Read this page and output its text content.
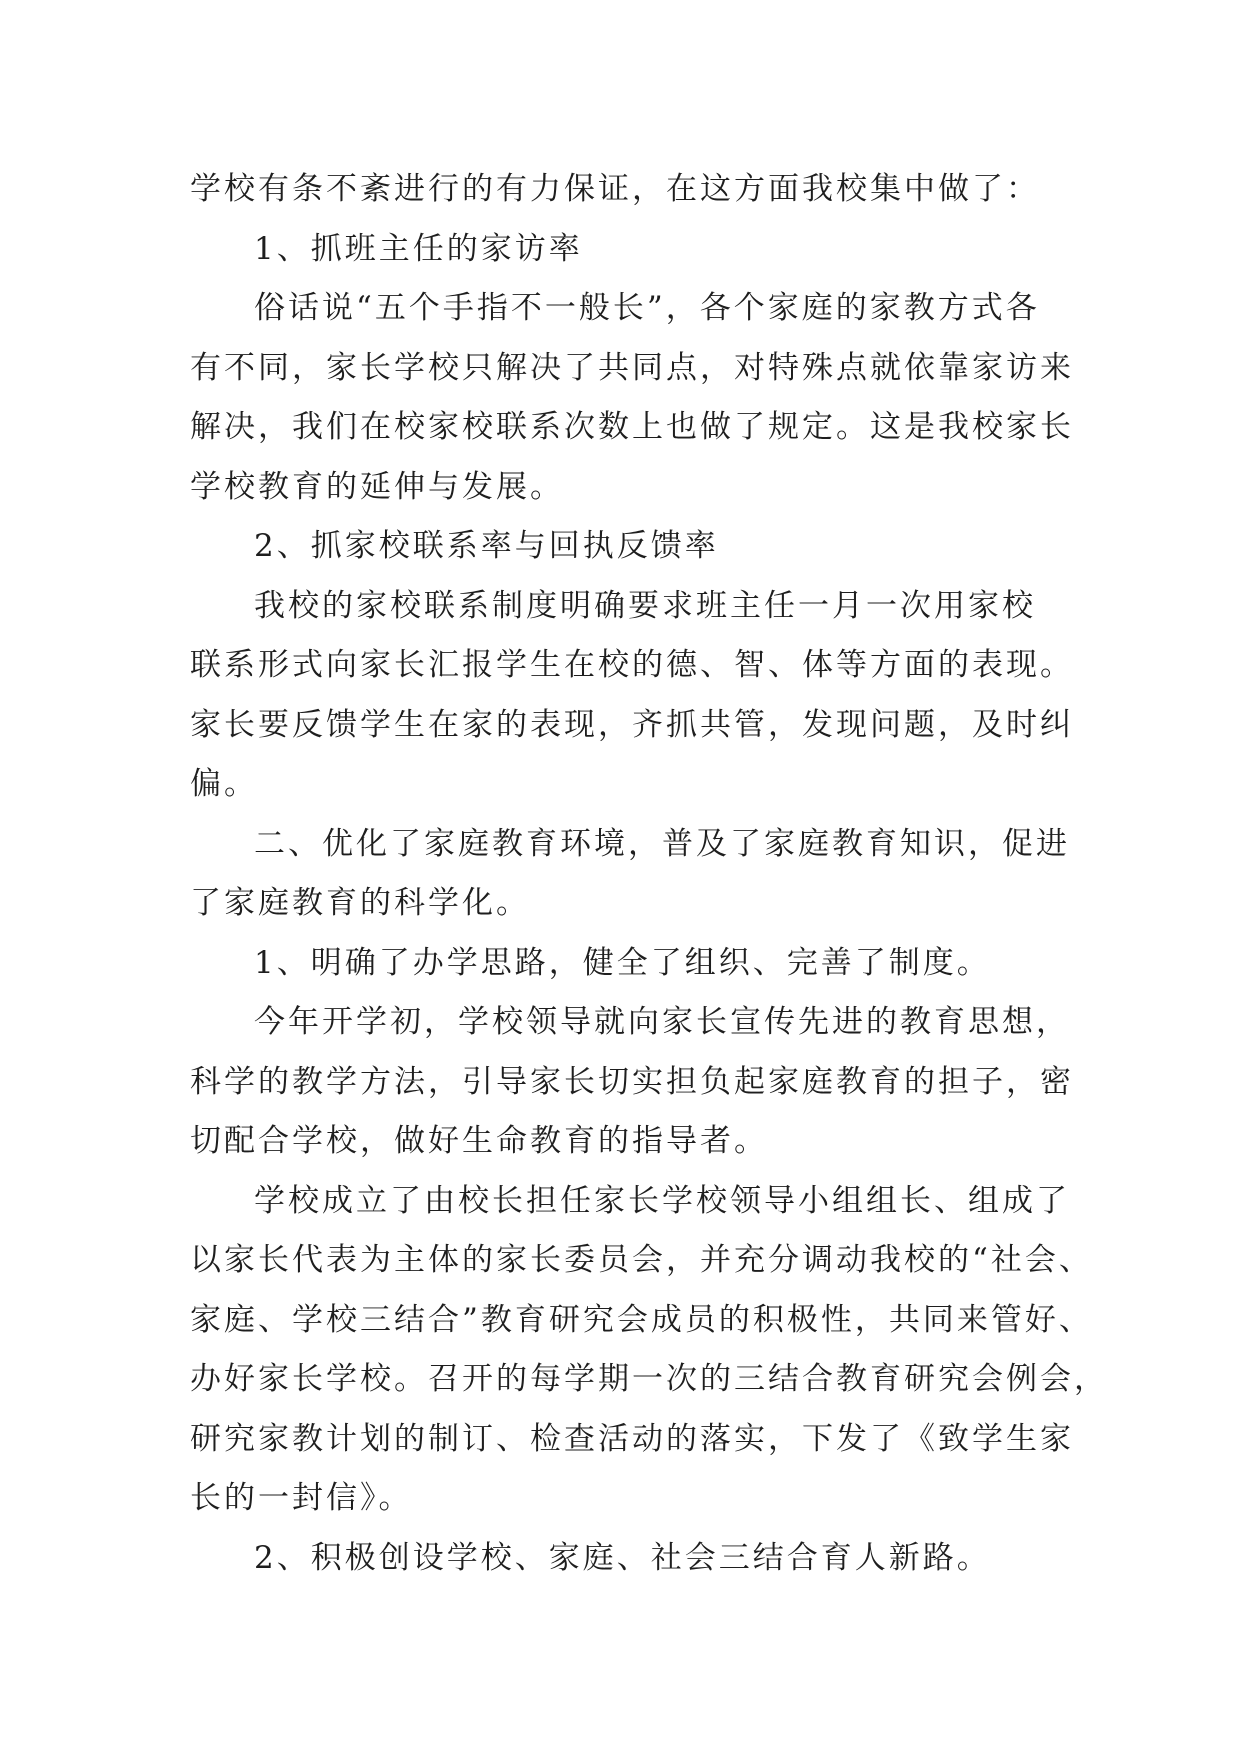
学校有条不紊进行的有力保证，在这方面我校集中做了：
1、抓班主任的家访率
俗话说“五个手指不一般长”，各个家庭的家教方式各
有不同，家长学校只解决了共同点，对特殊点就依靠家访来
解决，我们在校家校联系次数上也做了规定。这是我校家长
学校教育的延伸与发展。
2、抓家校联系率与回执反馈率
我校的家校联系制度明确要求班主任一月一次用家校
联系形式向家长汇报学生在校的德、智、体等方面的表现。
家长要反馈学生在家的表现，齐抓共管，发现问题，及时纠
偏。
二、优化了家庭教育环境，普及了家庭教育知识，促进
了家庭教育的科学化。
1、明确了办学思路，健全了组织、完善了制度。
今年开学初，学校领导就向家长宣传先进的教育思想，
科学的教学方法，引导家长切实担负起家庭教育的担子，密
切配合学校，做好生命教育的指导者。
学校成立了由校长担任家长学校领导小组组长、组成了
以家长代表为主体的家长委员会，并充分调动我校的“社会、
家庭、学校三结合”教育研究会成员的积极性，共同来管好、
办好家长学校。召开的每学期一次的三结合教育研究会例会，
研究家教计划的制订、检查活动的落实，下发了《致学生家
长的一封信》。
2、积极创设学校、家庭、社会三结合育人新路。
